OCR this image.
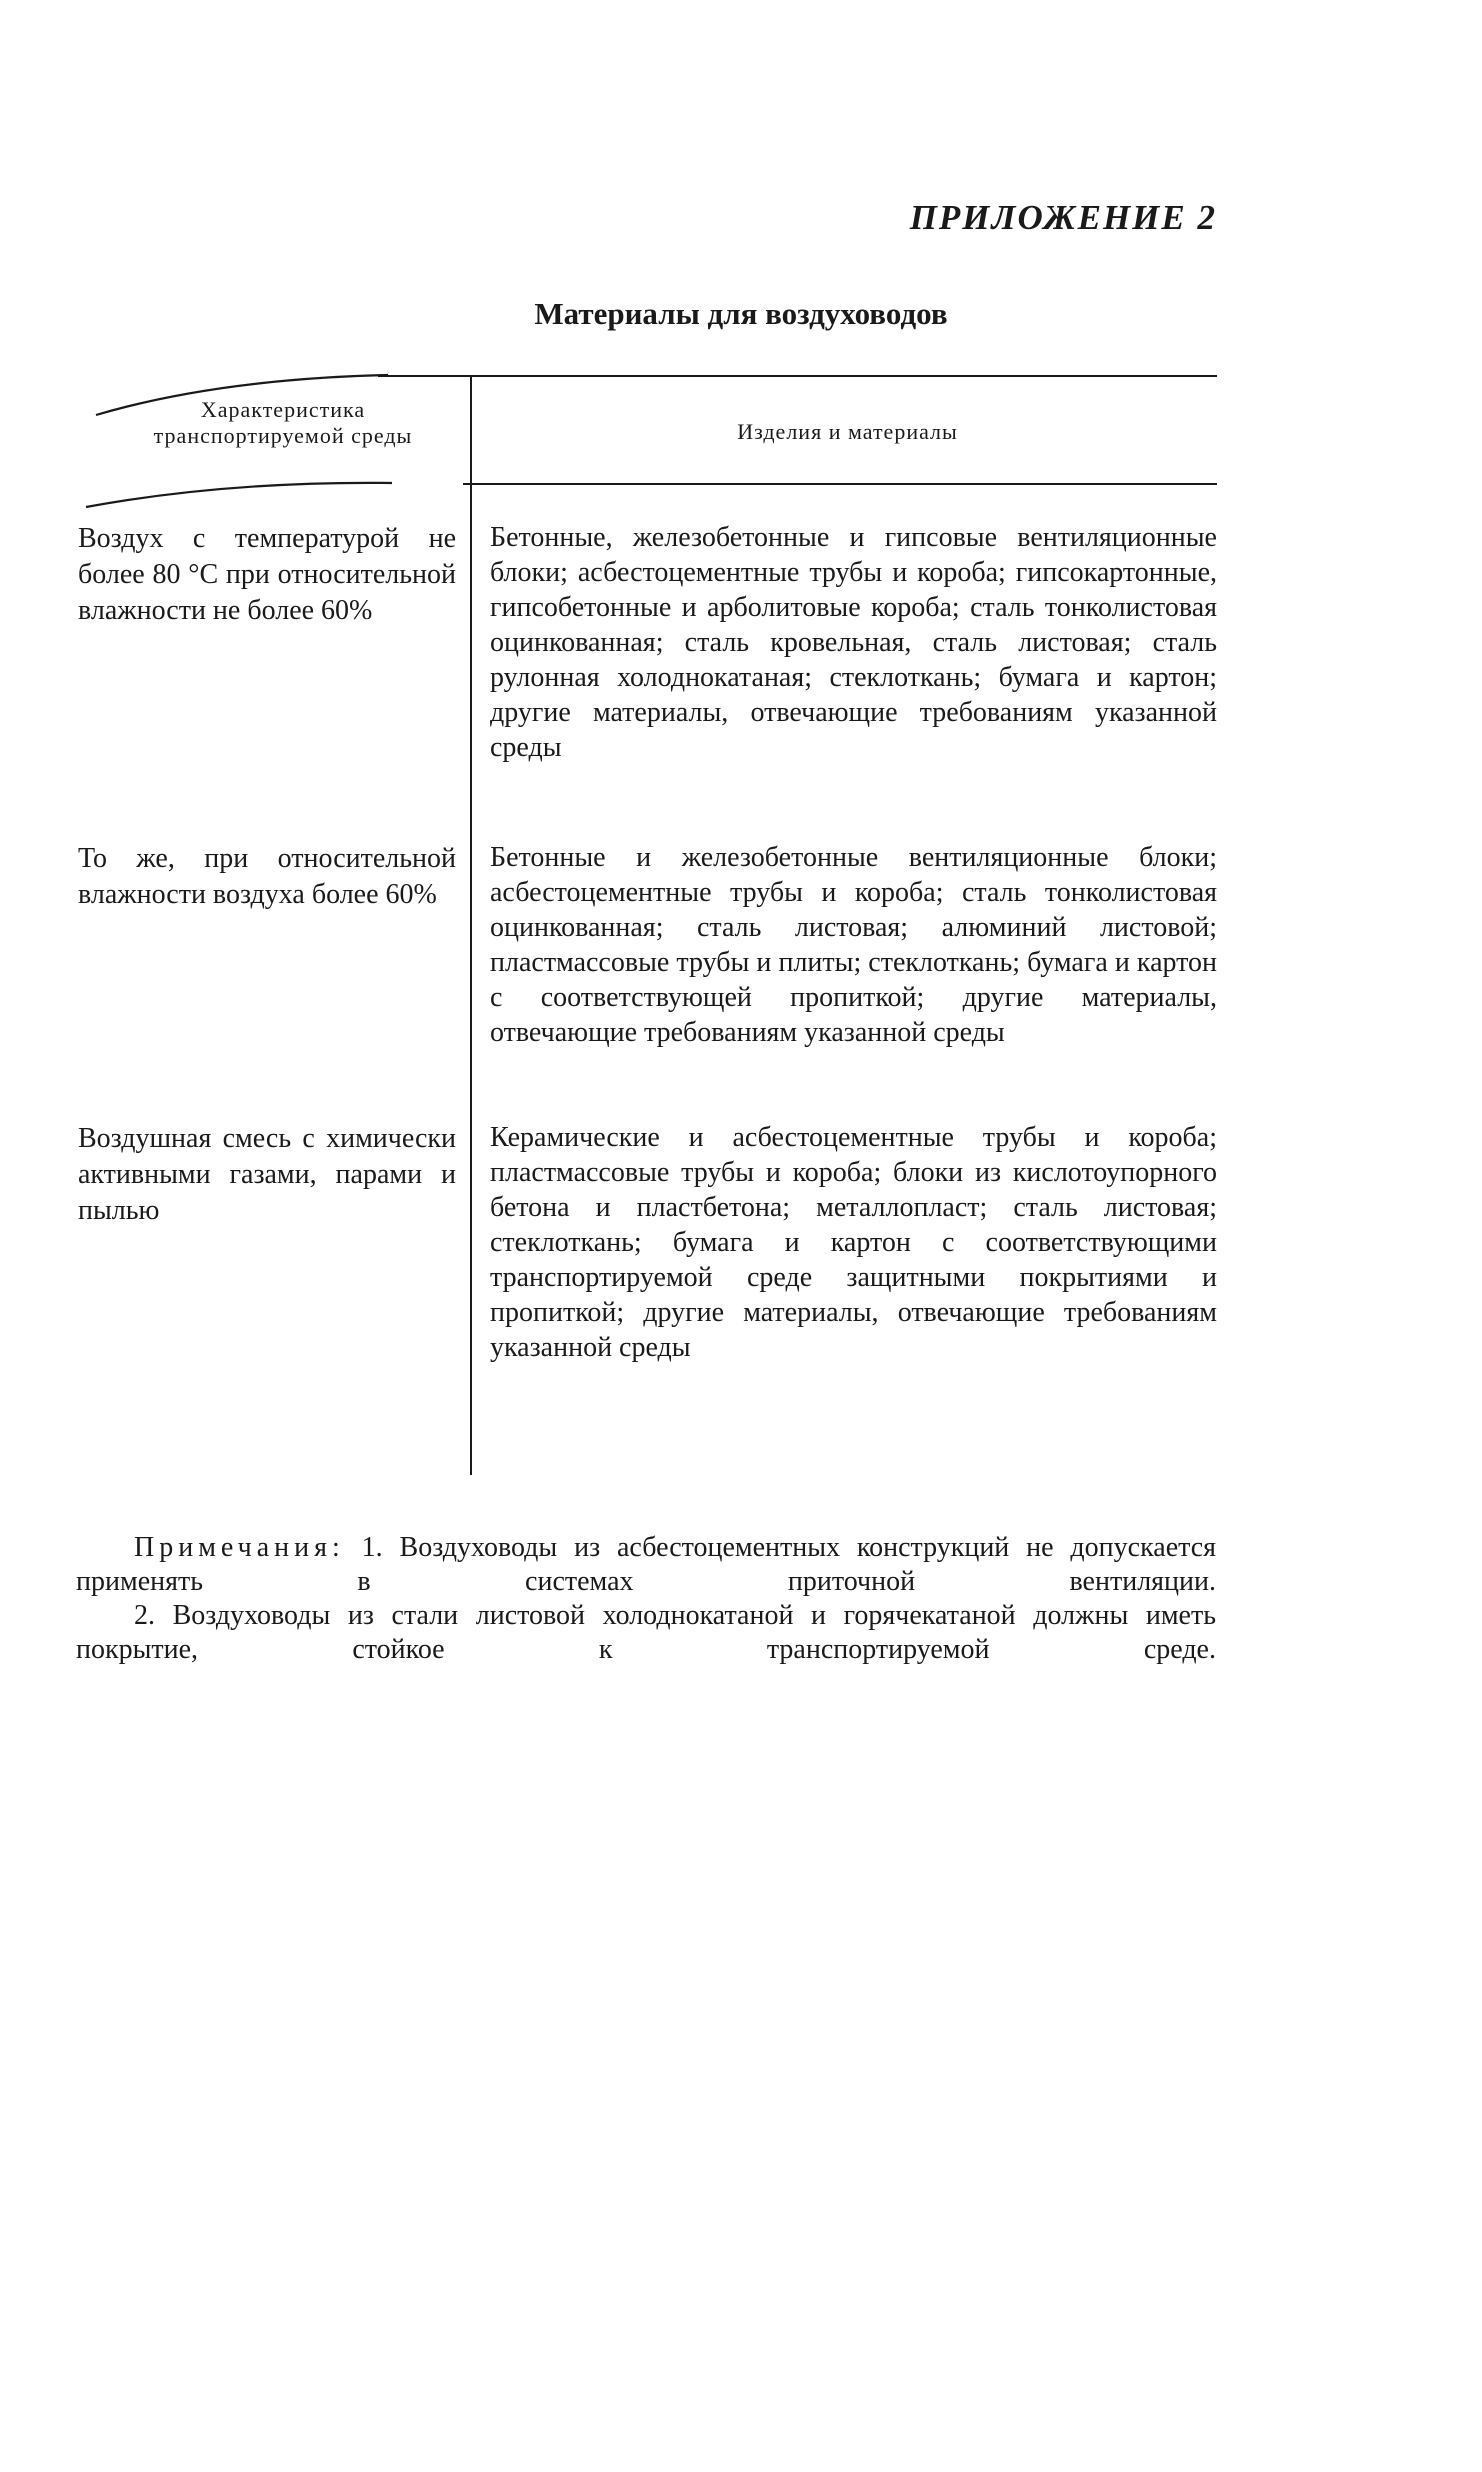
ПРИЛОЖЕНИЕ 2
Материалы для воздуховодов
Характеристика транспортируемой среды	Изделия и материалы
Воздух с температурой не более 80 °С при относительной влажности не более 60%
Бетонные, железобетонные и гипсовые вентиляционные блоки; асбестоцементные трубы и короба; гипсокартонные, гипсобетонные и арболитовые короба; сталь тонколистовая оцинкованная; сталь кровельная, сталь листовая; сталь рулонная холоднокатаная; стеклоткань; бумага и картон; другие материалы, отвечающие требованиям указанной среды
То же, при относительной влажности воздуха более 60%
Бетонные и железобетонные вентиляционные блоки; асбестоцементные трубы и короба; сталь тонколистовая оцинкованная; сталь листовая; алюминий листовой; пластмассовые трубы и плиты; стеклоткань; бумага и картон с соответствующей пропиткой; другие материалы, отвечающие требованиям указанной среды
Воздушная смесь с химически активными газами, парами и пылью
Керамические и асбестоцементные трубы и короба; пластмассовые трубы и короба; блоки из кислотоупорного бетона и пластбетона; металлопласт; сталь листовая; стеклоткань; бумага и картон с соответствующими транспортируемой среде защитными покрытиями и пропиткой; другие материалы, отвечающие требованиям указанной среды
Примечания: 1. Воздуховоды из асбестоцементных конструкций не допускается применять в системах приточной вентиляции.
2. Воздуховоды из стали листовой холоднокатаной и горячекатаной должны иметь покрытие, стойкое к транспортируемой среде.
